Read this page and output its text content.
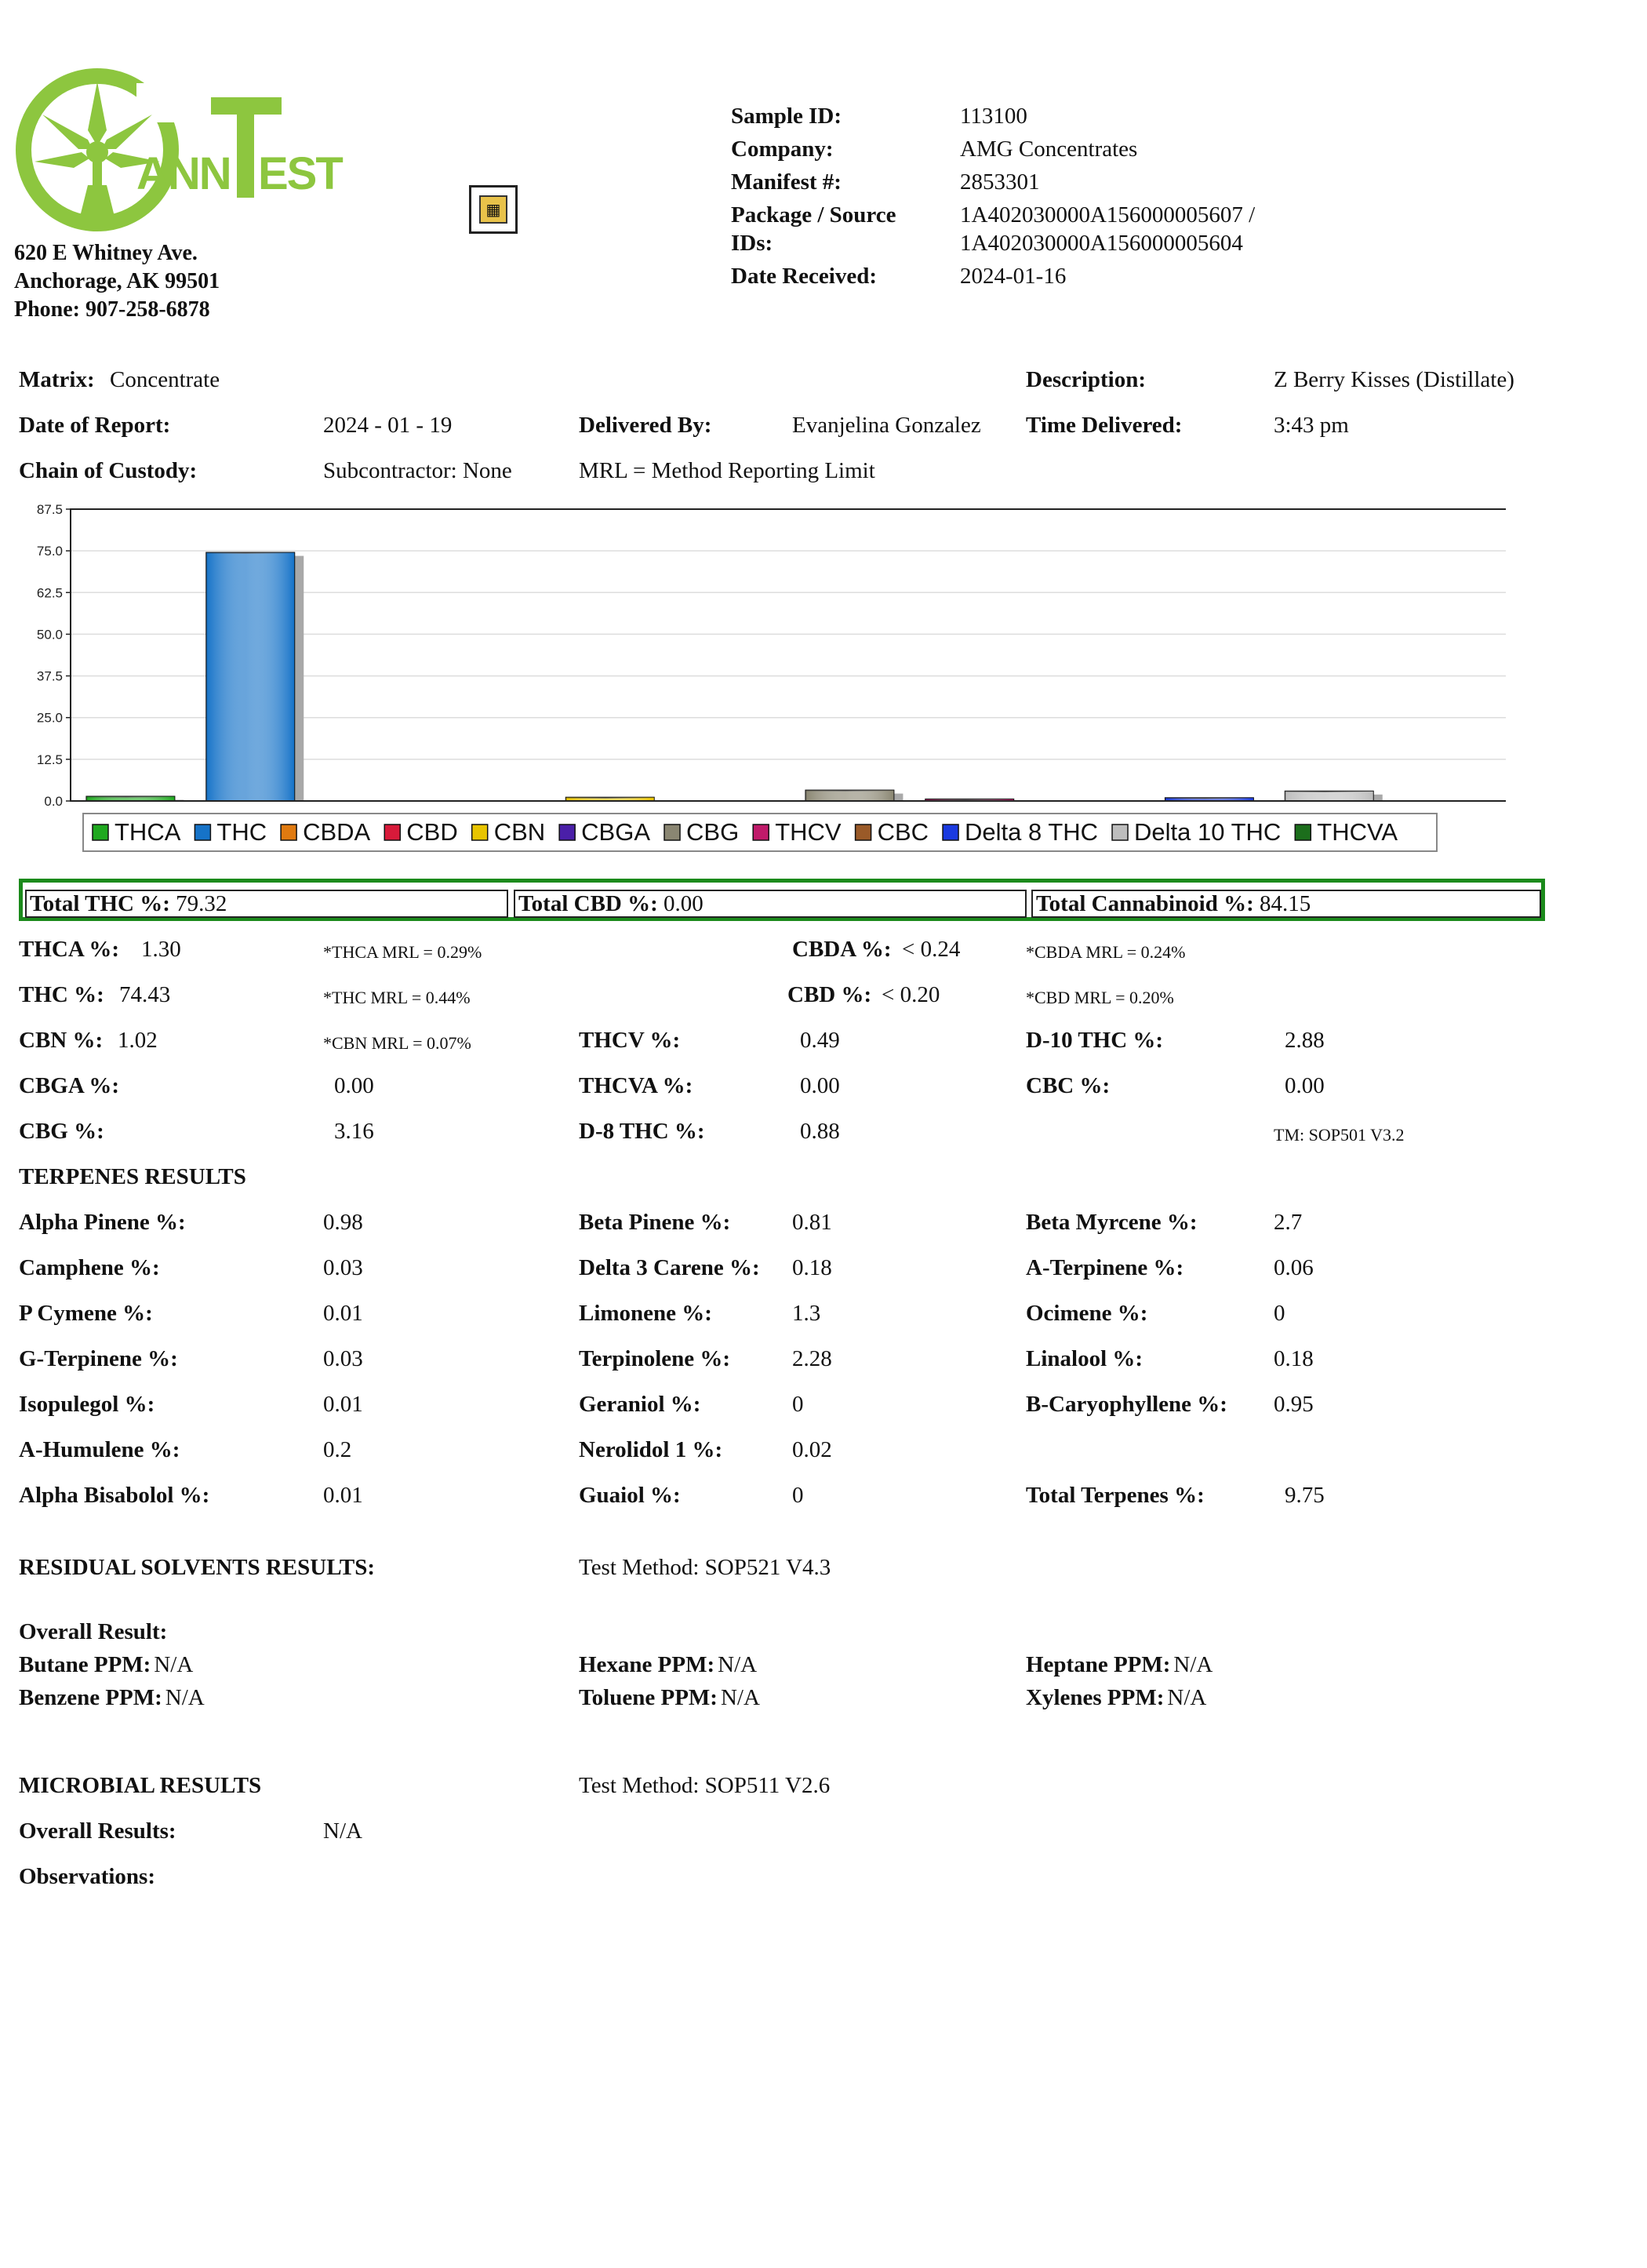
ANN EST
620 E Whitney Ave.
Anchorage, AK 99501
Phone: 907-258-6878
▦
Sample ID:	113100
Company:	AMG Concentrates
Manifest #:	2853301
Package / Source
IDs:
1A402030000A156000005607 /
1A402030000A156000005604
Date Received:	2024-01-16
Matrix: Concentrate	Description:	Z Berry Kisses (Distillate)
Date of Report:	2024 - 01 - 19	Delivered By:	Evanjelina Gonzalez Time Delivered:	3:43 pm
Chain of Custody:	Subcontractor: None	MRL = Method Reporting Limit
0.0
12.5
25.0
37.5
50.0
62.5
75.0
87.5
THCA THC CBDA CBD CBN CBGA CBG THCV CBC Delta 8 THC Delta 10 THC THCVA
Total THC %: 79.32	Total CBD %: 0.00	Total Cannabinoid %: 84.15
THCA %: 1.30	*THCA MRL = 0.29%	CBDA %: < 0.24	*CBDA MRL = 0.24%
THC %: 74.43	*THC MRL = 0.44%	CBD %: < 0.20	*CBD MRL = 0.20%
CBN %: 1.02	*CBN MRL = 0.07%	THCV %:	0.49	D-10 THC %:	2.88
CBGA %:	0.00	THCVA %:	0.00	CBC %:	0.00
CBG %:	3.16	D-8 THC %:	0.88	TM: SOP501 V3.2
TERPENES RESULTS
Alpha Pinene %:	0.98	Beta Pinene %:	0.81	Beta Myrcene %:	2.7
Camphene %:	0.03	Delta 3 Carene %: 0.18	A-Terpinene %:	0.06
P Cymene %:	0.01	Limonene %:	1.3	Ocimene %:	0
G-Terpinene %:	0.03	Terpinolene %:	2.28	Linalool %:	0.18
Isopulegol %:	0.01	Geraniol %:	0	B-Caryophyllene %: 0.95
A-Humulene %:	0.2	Nerolidol 1 %:	0.02
Alpha Bisabolol %:	0.01	Guaiol %:	0	Total Terpenes %:	9.75
RESIDUAL SOLVENTS RESULTS:	Test Method: SOP521 V4.3
Overall Result:
Butane PPM: N/A	Hexane PPM: N/A	Heptane PPM: N/A
Benzene PPM: N/A	Toluene PPM: N/A	Xylenes PPM: N/A
MICROBIAL RESULTS	Test Method: SOP511 V2.6
Overall Results:	N/A
Observations:
